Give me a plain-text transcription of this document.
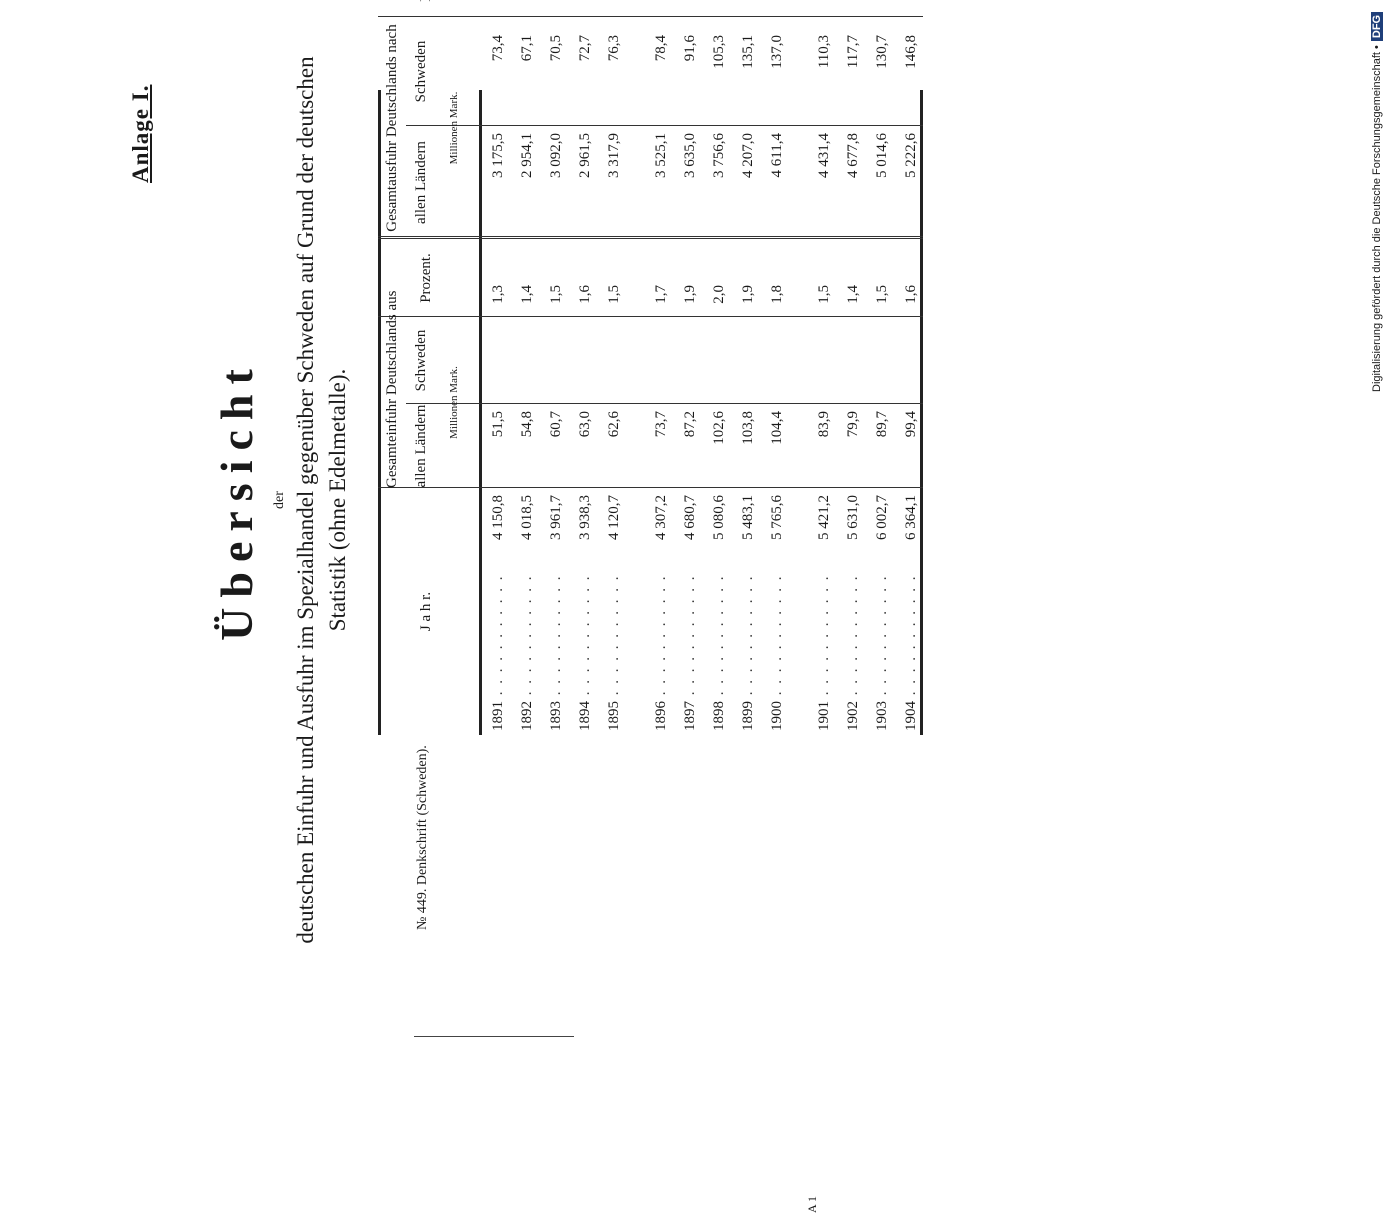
Anlage I.
Übersicht der deutschen Einfuhr und Ausfuhr im Spezialhandel gegenüber Schweden auf Grund der deutschen Statistik (ohne Edelmetalle).	J a h r.
Gesamteinfuhr Deutschlands aus allen Ländern
Schweden
Millionen Mark.
Prozent.
Gesamtausfuhr Deutschlands nach allen Ländern
Schweden
Millionen Mark.
1891 . . . . . . . . . . .
4 150,8
51,5
1,3
3 175,5
73,4
1892 . . . . . . . . . . .
4 018,5
54,8
1,4
2 954,1
67,1
1893 . . . . . . . . . . .
3 961,7
60,7
1,5
3 092,0
70,5
1894 . . . . . . . . . . .
3 938,3
63,0
1,6
2 961,5
72,7
1895 . . . . . . . . . . .
4 120,7
62,6
1,5
3 317,9
76,3
1896 . . . . . . . . . . .
4 307,2
73,7
1,7
3 525,1
78,4
1897 . . . . . . . . . . .
4 680,7
87,2
1,9
3 635,0
91,6
1898 . . . . . . . . . . .
5 080,6
102,6
2,0
3 756,6
105,3
1899 . . . . . . . . . . .
5 483,1
103,8
1,9
4 207,0
135,1
1900 . . . . . . . . . . .
5 765,6
104,4
1,8
4 611,4
137,0
1901 . . . . . . . . . . .
5 421,2
83,9
1,5
4 431,4
110,3
1902 . . . . . . . . . . .
5 631,0
79,9
1,4
4 677,8
117,7
1903 . . . . . . . . . . .
6 002,7
89,7
1,5
5 014,6
130,7
1904 . . . . . . . . . . .
6 364,1
99,4
1,6
5 222,6
146,8
№ 449. Denkschrift (Schweden).
A 1
Digitalisierung gefördert durch die Deutsche Forschungsgemeinschaft •DFG
